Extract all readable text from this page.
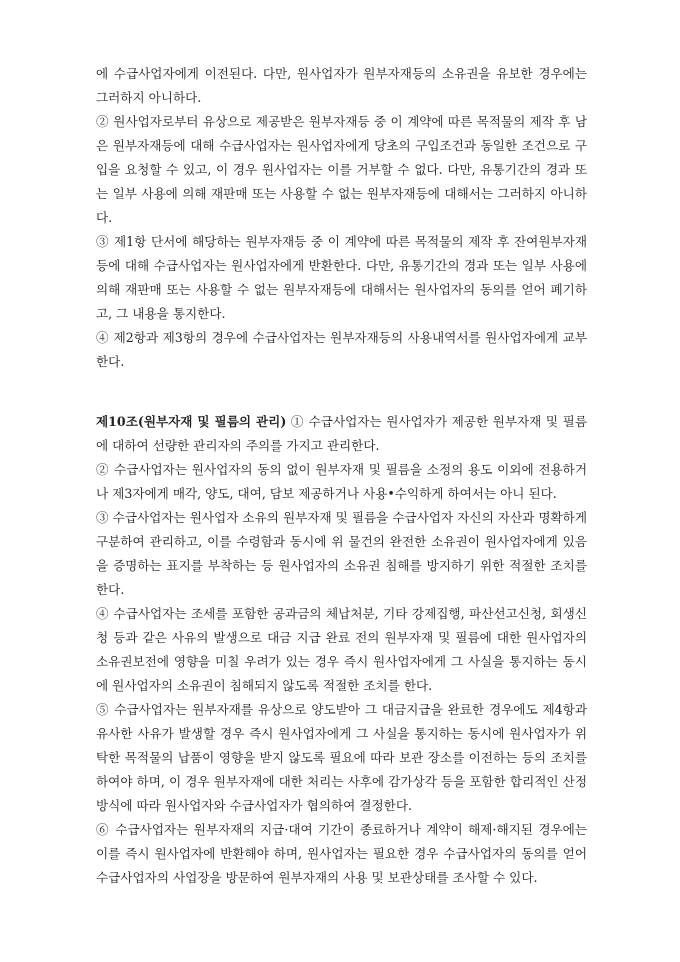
에 수급사업자에게 이전된다. 다만, 원사업자가 원부자재등의 소유권을 유보한 경우에는 그러하지 아니하다.

② 원사업자로부터 유상으로 제공받은 원부자재등 중 이 계약에 따른 목적물의 제작 후 남은 원부자재등에 대해 수급사업자는 원사업자에게 당초의 구입조건과 동일한 조건으로 구입을 요청할 수 있고, 이 경우 원사업자는 이를 거부할 수 없다. 다만, 유통기간의 경과 또는 일부 사용에 의해 재판매 또는 사용할 수 없는 원부자재등에 대해서는 그러하지 아니하다.

③ 제1항 단서에 해당하는 원부자재등 중 이 계약에 따른 목적물의 제작 후 잔여원부자재등에 대해 수급사업자는 원사업자에게 반환한다. 다만, 유통기간의 경과 또는 일부 사용에 의해 재판매 또는 사용할 수 없는 원부자재등에 대해서는 원사업자의 동의를 얻어 폐기하고, 그 내용을 통지한다.

④ 제2항과 제3항의 경우에 수급사업자는 원부자재등의 사용내역서를 원사업자에게 교부한다.

제10조(원부자재 및 필름의 관리) ① 수급사업자는 원사업자가 제공한 원부자재 및 필름에 대하여 선량한 관리자의 주의를 가지고 관리한다.

② 수급사업자는 원사업자의 동의 없이 원부자재 및 필름을 소정의 용도 이외에 전용하거나 제3자에게 매각, 양도, 대여, 담보 제공하거나 사용•수익하게 하여서는 아니 된다.

③ 수급사업자는 원사업자 소유의 원부자재 및 필름을 수급사업자 자신의 자산과 명확하게 구분하여 관리하고, 이를 수령함과 동시에 위 물건의 완전한 소유권이 원사업자에게 있음을 증명하는 표지를 부착하는 등 원사업자의 소유권 침해를 방지하기 위한 적절한 조치를 한다.

④ 수급사업자는 조세를 포함한 공과금의 체납처분, 기타 강제집행, 파산선고신청, 회생신청 등과 같은 사유의 발생으로 대금 지급 완료 전의 원부자재 및 필름에 대한 원사업자의 소유권보전에 영향을 미칠 우려가 있는 경우 즉시 원사업자에게 그 사실을 통지하는 동시에 원사업자의 소유권이 침해되지 않도록 적절한 조치를 한다.

⑤ 수급사업자는 원부자재를 유상으로 양도받아 그 대금지급을 완료한 경우에도 제4항과 유사한 사유가 발생할 경우 즉시 원사업자에게 그 사실을 통지하는 동시에 원사업자가 위탁한 목적물의 납품이 영향을 받지 않도록 필요에 따라 보관 장소를 이전하는 등의 조치를 하여야 하며, 이 경우 원부자재에 대한 처리는 사후에 감가상각 등을 포함한 합리적인 산정방식에 따라 원사업자와 수급사업자가 협의하여 결정한다.

⑥ 수급사업자는 원부자재의 지급·대여 기간이 종료하거나 계약이 해제·해지된 경우에는 이를 즉시 원사업자에 반환해야 하며, 원사업자는 필요한 경우 수급사업자의 동의를 얻어 수급사업자의 사업장을 방문하여 원부자재의 사용 및 보관상태를 조사할 수 있다.
